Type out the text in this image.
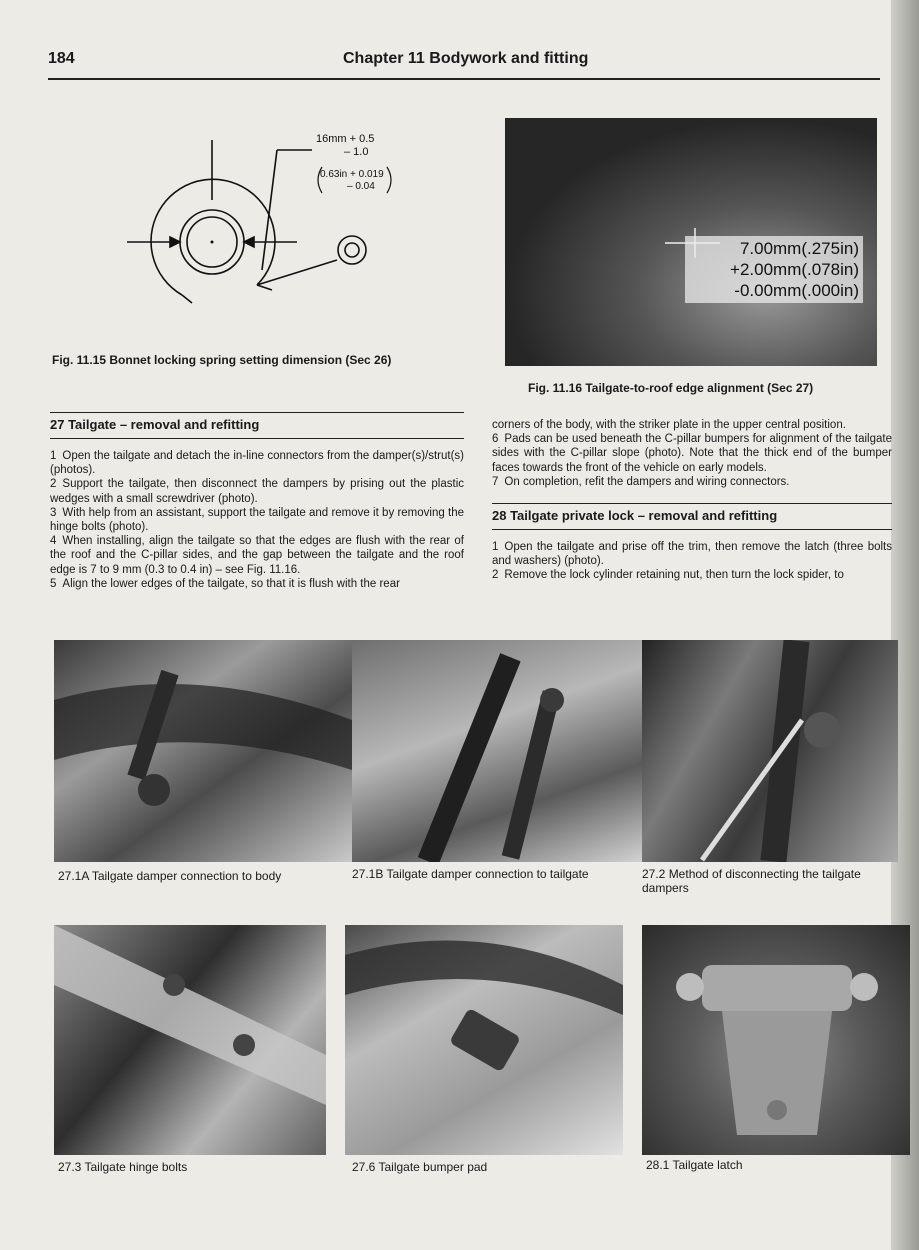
184	Chapter 11 Bodywork and fitting
16mm + 0.5
– 1.0
0.63in + 0.019
– 0.04
Fig. 11.15 Bonnet locking spring setting dimension (Sec 26)
7.00mm(.275in)
+2.00mm(.078in)
-0.00mm(.000in)
Fig. 11.16 Tailgate-to-roof edge alignment (Sec 27)
27 Tailgate – removal and refitting

1 Open the tailgate and detach the in-line connectors from the damper(s)/strut(s) (photos).

2 Support the tailgate, then disconnect the dampers by prising out the plastic wedges with a small screwdriver (photo).

3 With help from an assistant, support the tailgate and remove it by removing the hinge bolts (photo).

4 When installing, align the tailgate so that the edges are flush with the rear of the roof and the C-pillar sides, and the gap between the tailgate and the roof edge is 7 to 9 mm (0.3 to 0.4 in) – see Fig. 11.16.

5 Align the lower edges of the tailgate, so that it is flush with the rear

corners of the body, with the striker plate in the upper central position.

6 Pads can be used beneath the C-pillar bumpers for alignment of the tailgate sides with the C-pillar slope (photo). Note that the thick end of the bumper faces towards the front of the vehicle on early models.

7 On completion, refit the dampers and wiring connectors.

28 Tailgate private lock – removal and refitting

1 Open the tailgate and prise off the trim, then remove the latch (three bolts and washers) (photo).

2 Remove the lock cylinder retaining nut, then turn the lock spider, to

27.1A Tailgate damper connection to body	27.1B Tailgate damper connection to tailgate	27.2 Method of disconnecting the tailgate dampers
27.3 Tailgate hinge bolts	27.6 Tailgate bumper pad	28.1 Tailgate latch
